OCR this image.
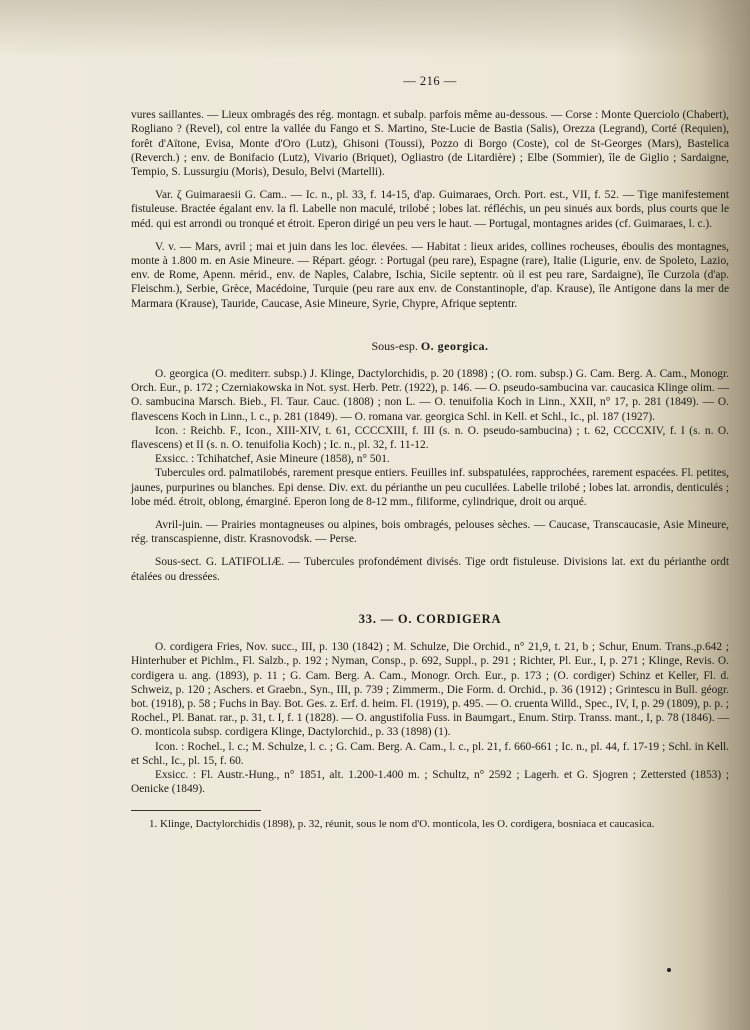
— 216 —

vures saillantes. — Lieux ombragés des rég. montagn. et subalp. parfois même au-dessous. — Corse : Monte Querciolo (Chabert), Rogliano ? (Revel), col entre la vallée du Fango et S. Martino, Ste-Lucie de Bastia (Salis), Orezza (Legrand), Corté (Requien), forêt d'Aïtone, Evisa, Monte d'Oro (Lutz), Ghisoni (Toussi), Pozzo di Borgo (Coste), col de St-Georges (Mars), Bastelica (Reverch.) ; env. de Bonifacio (Lutz), Vivario (Briquet), Ogliastro (de Litardière) ; Elbe (Sommier), île de Giglio ; Sardaigne, Tempio, S. Lussurgiu (Moris), Desulo, Belvi (Martelli).

Var. ζ Guimaraesii G. Cam.. — Ic. n., pl. 33, f. 14-15, d'ap. Guimaraes, Orch. Port. est., VII, f. 52. — Tige manifestement fistuleuse. Bractée égalant env. la fl. Labelle non maculé, trilobé ; lobes lat. réfléchis, un peu sinués aux bords, plus courts que le méd. qui est arrondi ou tronqué et étroit. Eperon dirigé un peu vers le haut. — Portugal, montagnes arides (cf. Guimaraes, l. c.).

V. v. — Mars, avril ; mai et juin dans les loc. élevées. — Habitat : lieux arides, collines rocheuses, éboulis des montagnes, monte à 1.800 m. en Asie Mineure. — Répart. géogr. : Portugal (peu rare), Espagne (rare), Italie (Ligurie, env. de Spoleto, Lazio, env. de Rome, Apenn. mérid., env. de Naples, Calabre, Ischia, Sicile septentr. où il est peu rare, Sardaigne), île Curzola (d'ap. Fleischm.), Serbie, Grèce, Macédoine, Turquie (peu rare aux env. de Constantinople, d'ap. Krause), île Antigone dans la mer de Marmara (Krause), Tauride, Caucase, Asie Mineure, Syrie, Chypre, Afrique septentr.

Sous-esp. O. georgica.

O. georgica (O. mediterr. subsp.) J. Klinge, Dactylorchidis, p. 20 (1898) ; (O. rom. subsp.) G. Cam. Berg. A. Cam., Monogr. Orch. Eur., p. 172 ; Czerniakowska in Not. syst. Herb. Petr. (1922), p. 146. — O. pseudo-sambucina var. caucasica Klinge olim. — O. sambucina Marsch. Bieb., Fl. Taur. Cauc. (1808) ; non L. — O. tenuifolia Koch in Linn., XXII, n° 17, p. 281 (1849). — O. flavescens Koch in Linn., l. c., p. 281 (1849). — O. romana var. georgica Schl. in Kell. et Schl., Ic., pl. 187 (1927).

Icon. : Reichb. F., Icon., XIII-XIV, t. 61, CCCCXIII, f. III (s. n. O. pseudo-sambucina) ; t. 62, CCCCXIV, f. I (s. n. O. flavescens) et II (s. n. O. tenuifolia Koch) ; Ic. n., pl. 32, f. 11-12.

Exsicc. : Tchihatchef, Asie Mineure (1858), n° 501.

Tubercules ord. palmatilobés, rarement presque entiers. Feuilles inf. subspatulées, rapprochées, rarement espacées. Fl. petites, jaunes, purpurines ou blanches. Epi dense. Div. ext. du périanthe un peu cucullées. Labelle trilobé ; lobes lat. arrondis, denticulés ; lobe méd. étroit, oblong, émarginé. Eperon long de 8-12 mm., filiforme, cylindrique, droit ou arqué.

Avril-juin. — Prairies montagneuses ou alpines, bois ombragés, pelouses sèches. — Caucase, Transcaucasie, Asie Mineure, rég. transcaspienne, distr. Krasnovodsk. — Perse.

Sous-sect. G. LATIFOLIÆ. — Tubercules profondément divisés. Tige ordt fistuleuse. Divisions lat. ext du périanthe ordt étalées ou dressées.

33. — O. CORDIGERA

O. cordigera Fries, Nov. succ., III, p. 130 (1842) ; M. Schulze, Die Orchid., n° 21,9, t. 21, b ; Schur, Enum. Trans.,p.642 ; Hinterhuber et Pichlm., Fl. Salzb., p. 192 ; Nyman, Consp., p. 692, Suppl., p. 291 ; Richter, Pl. Eur., I, p. 271 ; Klinge, Revis. O. cordigera u. ang. (1893), p. 11 ; G. Cam. Berg. A. Cam., Monogr. Orch. Eur., p. 173 ; (O. cordiger) Schinz et Keller, Fl. d. Schweiz, p. 120 ; Aschers. et Graebn., Syn., III, p. 739 ; Zimmerm., Die Form. d. Orchid., p. 36 (1912) ; Grintescu in Bull. géogr. bot. (1918), p. 58 ; Fuchs in Bay. Bot. Ges. z. Erf. d. heim. Fl. (1919), p. 495. — O. cruenta Willd., Spec., IV, I, p. 29 (1809), p. p. ; Rochel., Pl. Banat. rar., p. 31, t. I, f. 1 (1828). — O. angustifolia Fuss. in Baumgart., Enum. Stirp. Transs. mant., I, p. 78 (1846). — O. monticola subsp. cordigera Klinge, Dactylorchid., p. 33 (1898) (1).

Icon. : Rochel., l. c.; M. Schulze, l. c. ; G. Cam. Berg. A. Cam., l. c., pl. 21, f. 660-661 ; Ic. n., pl. 44, f. 17-19 ; Schl. in Kell. et Schl., Ic., pl. 15, f. 60.

Exsicc. : Fl. Austr.-Hung., n° 1851, alt. 1.200-1.400 m. ; Schultz, n° 2592 ; Lagerh. et G. Sjogren ; Zettersted (1853) ; Oenicke (1849).

1. Klinge, Dactylorchidis (1898), p. 32, réunit, sous le nom d'O. monticola, les O. cordigera, bosniaca et caucasica.
